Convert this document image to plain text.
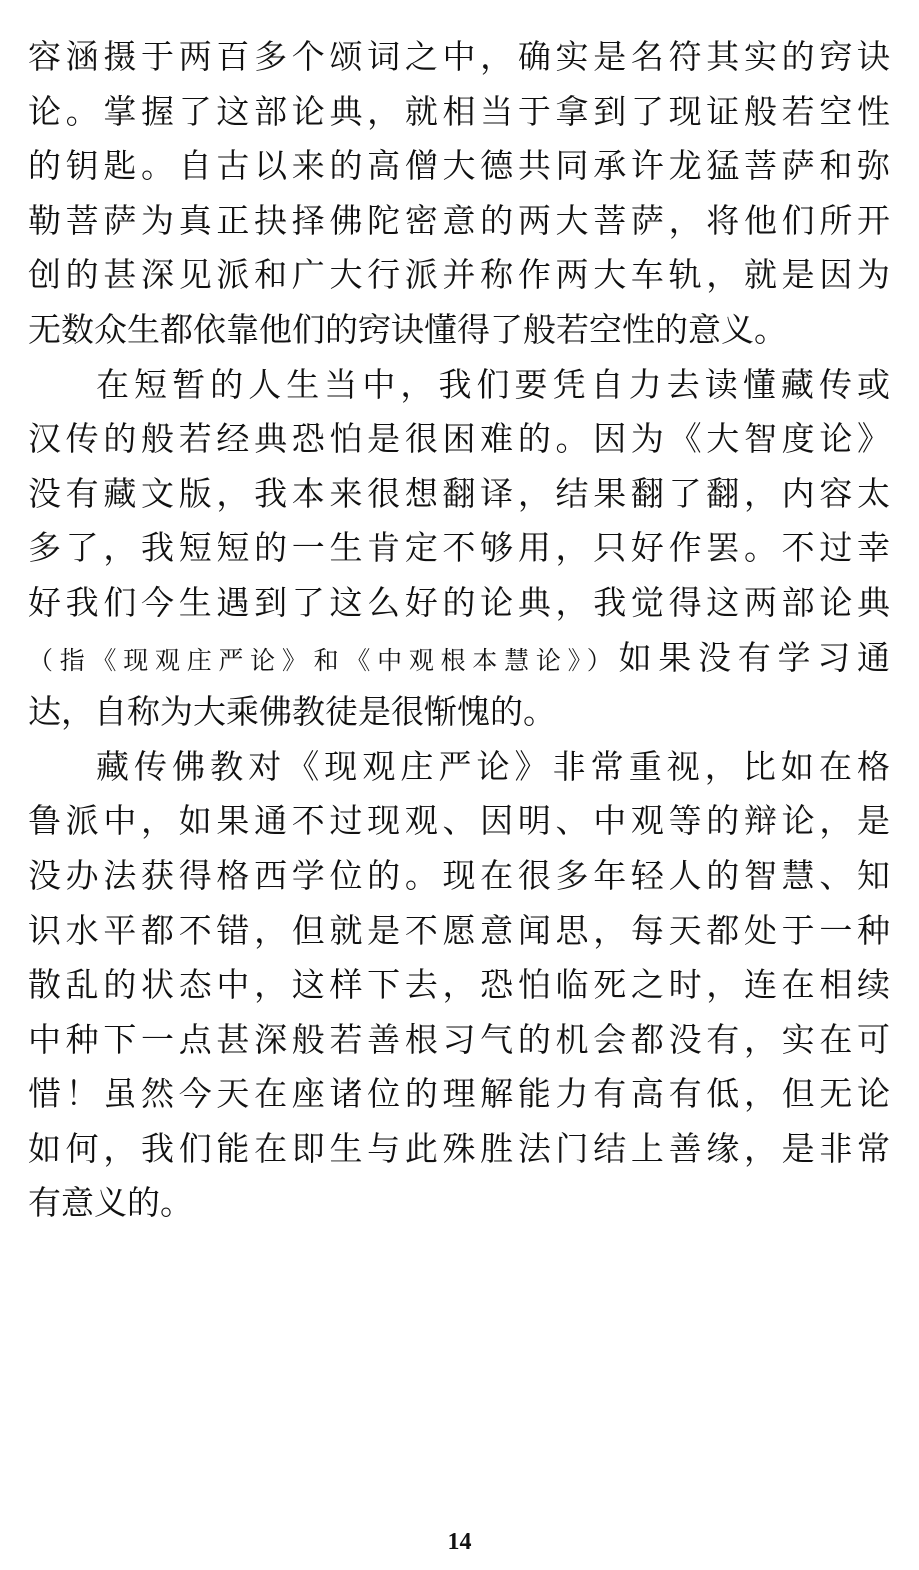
容涵摄于两百多个颂词之中，确实是名符其实的窍诀
论。掌握了这部论典，就相当于拿到了现证般若空性
的钥匙。自古以来的高僧大德共同承许龙猛菩萨和弥
勒菩萨为真正抉择佛陀密意的两大菩萨，将他们所开
创的甚深见派和广大行派并称作两大车轨，就是因为
无数众生都依靠他们的窍诀懂得了般若空性的意义。
在短暂的人生当中，我们要凭自力去读懂藏传或
汉传的般若经典恐怕是很困难的。因为《大智度论》
没有藏文版，我本来很想翻译，结果翻了翻，内容太
多了，我短短的一生肯定不够用，只好作罢。不过幸
好我们今生遇到了这么好的论典，我觉得这两部论典
（指《现观庄严论》和《中观根本慧论》）如果没有学习通
达，自称为大乘佛教徒是很惭愧的。
藏传佛教对《现观庄严论》非常重视，比如在格
鲁派中，如果通不过现观、因明、中观等的辩论，是
没办法获得格西学位的。现在很多年轻人的智慧、知
识水平都不错，但就是不愿意闻思，每天都处于一种
散乱的状态中，这样下去，恐怕临死之时，连在相续
中种下一点甚深般若善根习气的机会都没有，实在可
惜！虽然今天在座诸位的理解能力有高有低，但无论
如何，我们能在即生与此殊胜法门结上善缘，是非常
有意义的。
14
